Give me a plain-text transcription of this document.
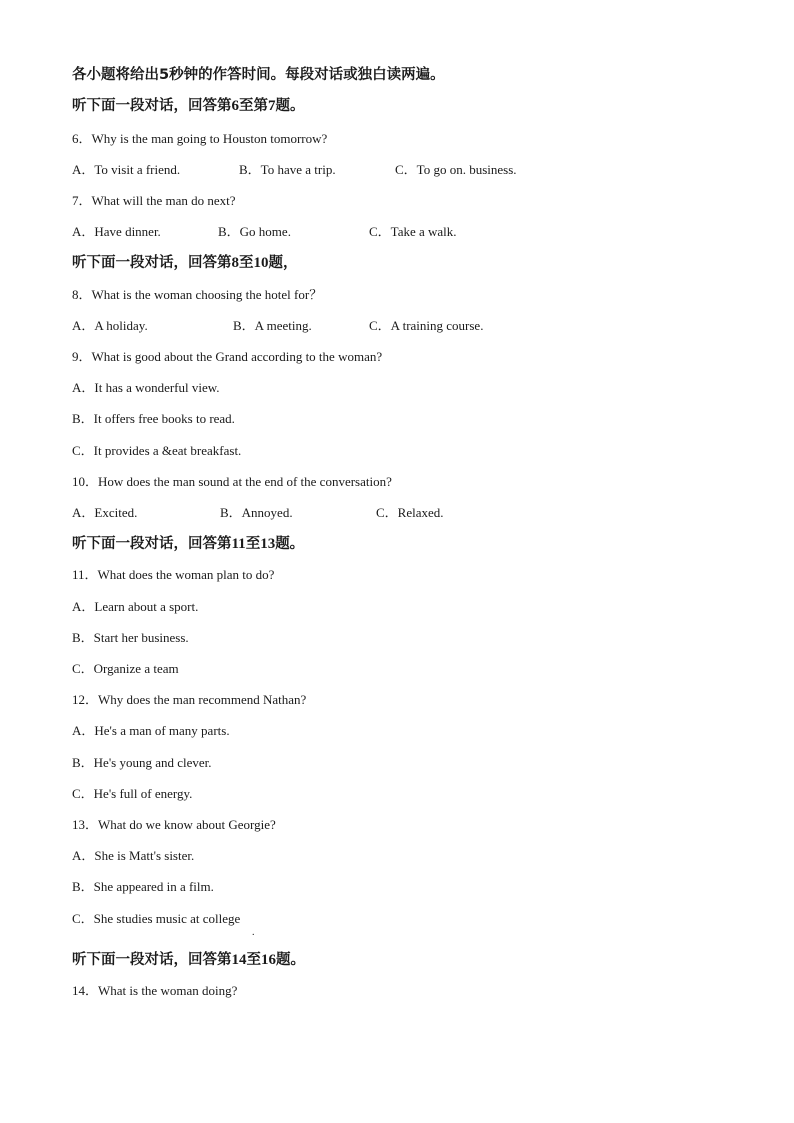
各小题将给出5秒钟的作答时间。每段对话或独白读两遍。
听下面一段对话，回答第6至第7题。
6．Why is the man going to Houston tomorrow?
A．To visit a friend.	B．To have a trip.	C．To go on. business.
7．What will the man do next?
A．Have dinner.	B．Go home.	C．Take a walk.
听下面一段对话，回答第8至10题，
8．What is the woman choosing the hotel for？
A．A holiday.	B．A meeting.	C．A training course.
9．What is good about the Grand according to the woman?
A．It has a wonderful view.
B．It offers free books to read.
C．It provides a &eat breakfast.
10．How does the man sound at the end of the conversation?
A．Excited.	B．Annoyed.	C．Relaxed.
听下面一段对话，回答第11至13题。
11．What does the woman plan to do?
A．Learn about a sport.
B．Start her business.
C．Organize a team
12．Why does the man recommend Nathan?
A．He's a man of many parts.
B．He's young and clever.
C．He's full of energy.
13．What do we know about Georgie?
A．She is Matt's sister.
B．She appeared in a film.
C．She studies music at college
.
听下面一段对话，回答第14至16题。
14．What is the woman doing?
